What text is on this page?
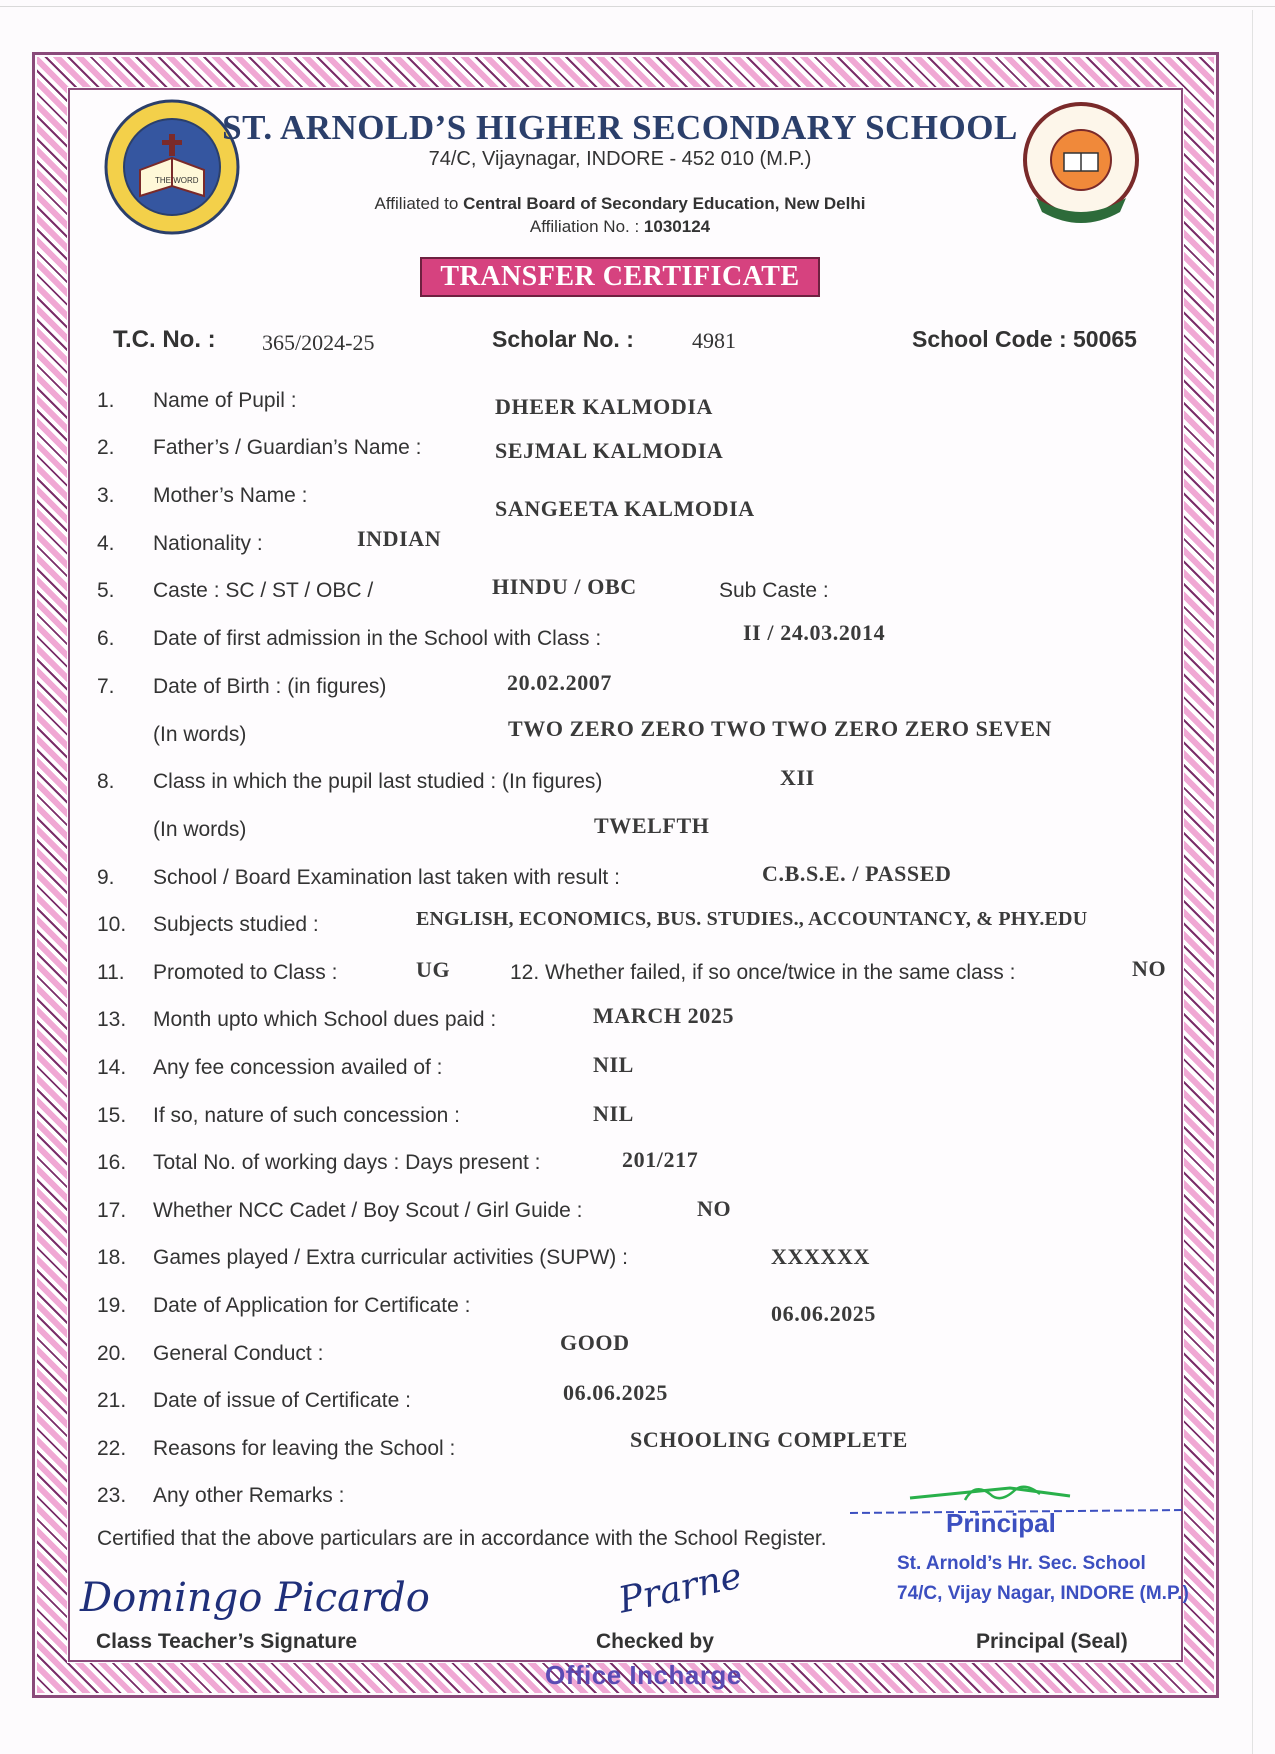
THE WORD
ST. ARNOLD’S HIGHER SECONDARY SCHOOL
74/C, Vijaynagar, INDORE - 452 010 (M.P.)
Affiliated to Central Board of Secondary Education, New Delhi
Affiliation No. : 1030124
TRANSFER CERTIFICATE
T.C. No. : 365/2024-25	Scholar No. :	4981	School Code : 50065
1. Name of Pupil :	DHEER KALMODIA
2. Father’s / Guardian’s Name :	SEJMAL KALMODIA
3. Mother’s Name :
SANGEETA KALMODIA
4. Nationality :	INDIAN
5. Caste : SC / ST / OBC /	HINDU / OBC	Sub Caste :
6. Date of first admission in the School with Class :	II / 24.03.2014
7. Date of Birth : (in figures)	20.02.2007
(In words)	TWO ZERO ZERO TWO TWO ZERO ZERO SEVEN
8. Class in which the pupil last studied : (In figures)	XII
(In words)	TWELFTH
9. School / Board Examination last taken with result :	C.B.S.E. / PASSED
10. Subjects studied :	ENGLISH, ECONOMICS, BUS. STUDIES., ACCOUNTANCY, & PHY.EDU
11. Promoted to Class :	UG	12. Whether failed, if so once/twice in the same class :	NO
13. Month upto which School dues paid :	MARCH 2025
14. Any fee concession availed of :	NIL
15. If so, nature of such concession :	NIL
16. Total No. of working days : Days present :	201/217
17. Whether NCC Cadet / Boy Scout / Girl Guide :	NO
18. Games played / Extra curricular activities (SUPW) :	XXXXXX
19. Date of Application for Certificate :	06.06.2025
20. General Conduct :	GOOD
21. Date of issue of Certificate :	06.06.2025
22. Reasons for leaving the School :	SCHOOLING COMPLETE
23. Any other Remarks :
Certified that the above particulars are in accordance with the School Register.
Principal
St. Arnold’s Hr. Sec. School
74/C, Vijay Nagar, INDORE (M.P.)
Domingo Picardo	Prarne
Class Teacher’s Signature	Checked by	Principal (Seal)
Office Incharge
